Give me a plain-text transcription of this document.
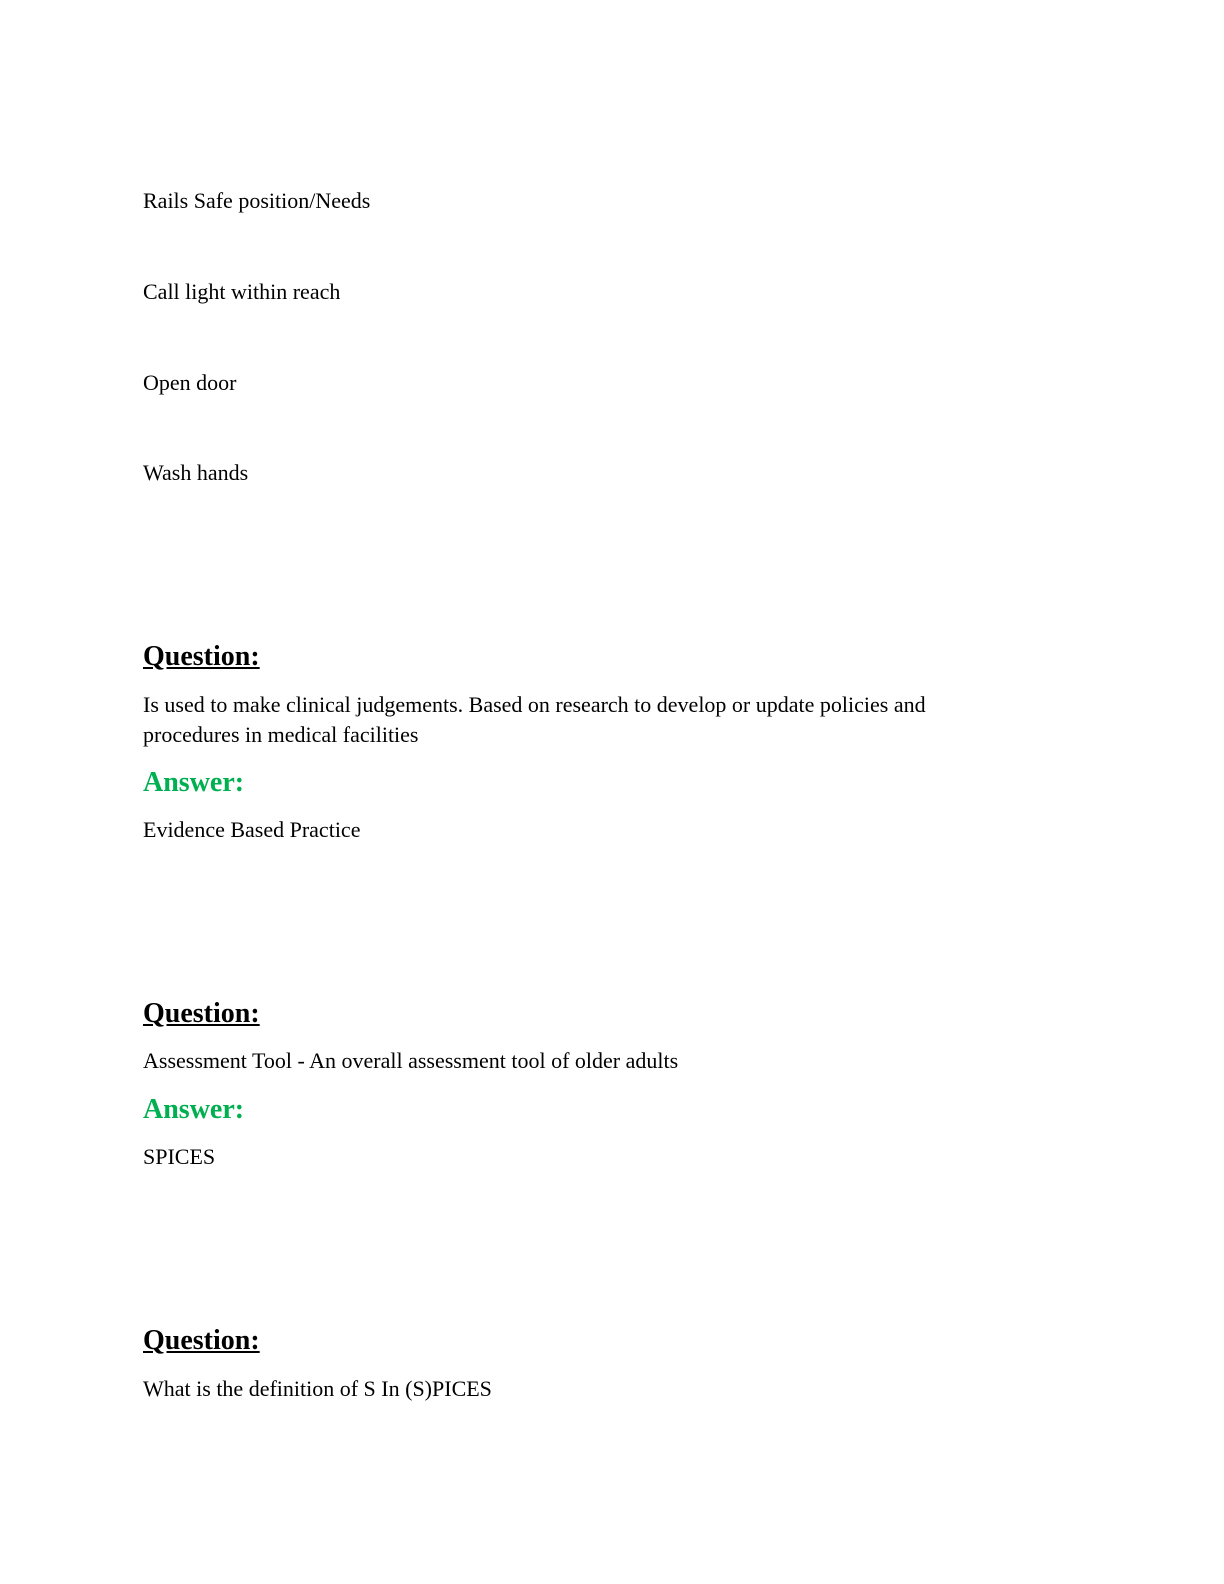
Rails Safe position/Needs
Call light within reach
Open door
Wash hands
Question:
Is used to make clinical judgements. Based on research to develop or update policies and procedures in medical facilities
Answer:
Evidence Based Practice
Question:
Assessment Tool - An overall assessment tool of older adults
Answer:
SPICES
Question:
What is the definition of S In (S)PICES
